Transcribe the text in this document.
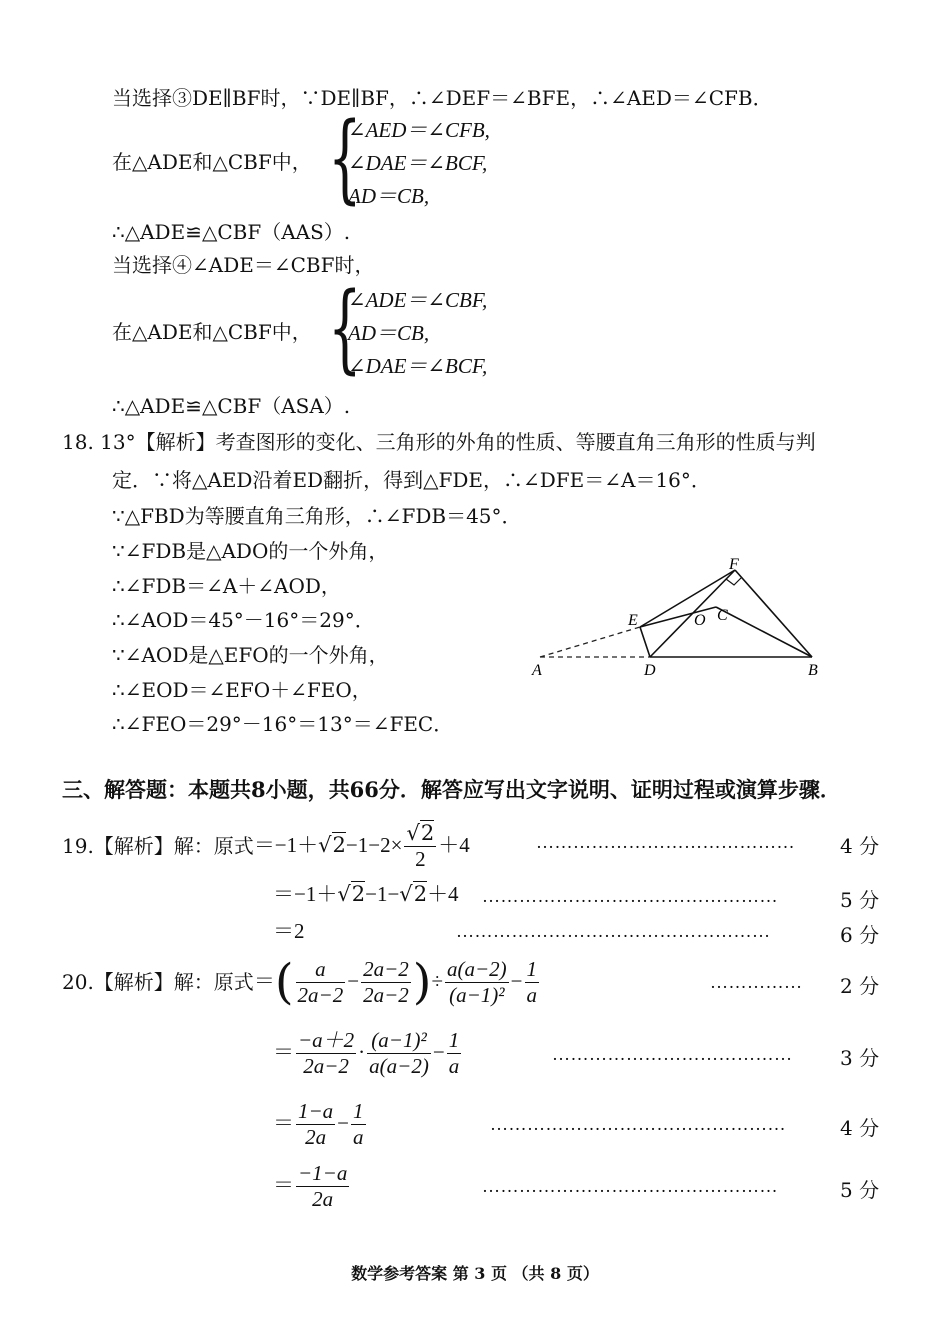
当选择③DE∥BF时，∵DE∥BF，∴∠DEF＝∠BFE，∴∠AED＝∠CFB．
在△ADE和△CBF中， {
∠AED＝∠CFB,
∠DAE＝∠BCF,
AD＝CB,
∴△ADE≌△CBF（AAS）.
当选择④∠ADE＝∠CBF时，
在△ADE和△CBF中， {
∠ADE＝∠CBF,
AD＝CB,
∠DAE＝∠BCF,
∴△ADE≌△CBF（ASA）.
18. 13°【解析】考查图形的变化、三角形的外角的性质、等腰直角三角形的性质与判
定．∵将△AED沿着ED翻折，得到△FDE，∴∠DFE＝∠A＝16°．
∵△FBD为等腰直角三角形，∴∠FDB＝45°．
∵∠FDB是△ADO的一个外角，
∴∠FDB＝∠A＋∠AOD，
∴∠AOD＝45°－16°＝29°．
∵∠AOD是△EFO的一个外角，
∴∠EOD＝∠EFO＋∠FEO，
∴∠FEO＝29°－16°＝13°＝∠FEC．
F
E	O C
A	D	B
三、解答题：本题共8小题，共66分．解答应写出文字说明、证明过程或演算步骤．
19.【解析】解：原式 $=-1+ √2 -1-2\times \frac{√2}{2} +4$	…………………………………… 4 分
＝−1＋√2−1−√2＋4 …………………………………………	5 分
＝2	……………………………………………	6 分
20.【解析】解：原式 ＝ ( $\frac{a}{2a-2} - \frac{2a-2}{2a-2}$ ) ÷ $\frac{a(a-2)}{\text{(a−1)²}} - \frac{1}{a}$	…………… 2 分
＝ $\frac{-a+2}{2a-2} \cdot \frac{\text{(a−1)²}}{a(a-2)} - \frac{1}{a}$	………………………………… 3 分
＝ $\frac{1-a}{2a} - \frac{1}{a}$	…………………………………………	4 分
＝ $\frac{-1-a}{2a}$	…………………………………………	5 分
数学参考答案 第 3 页 （共 8 页）
